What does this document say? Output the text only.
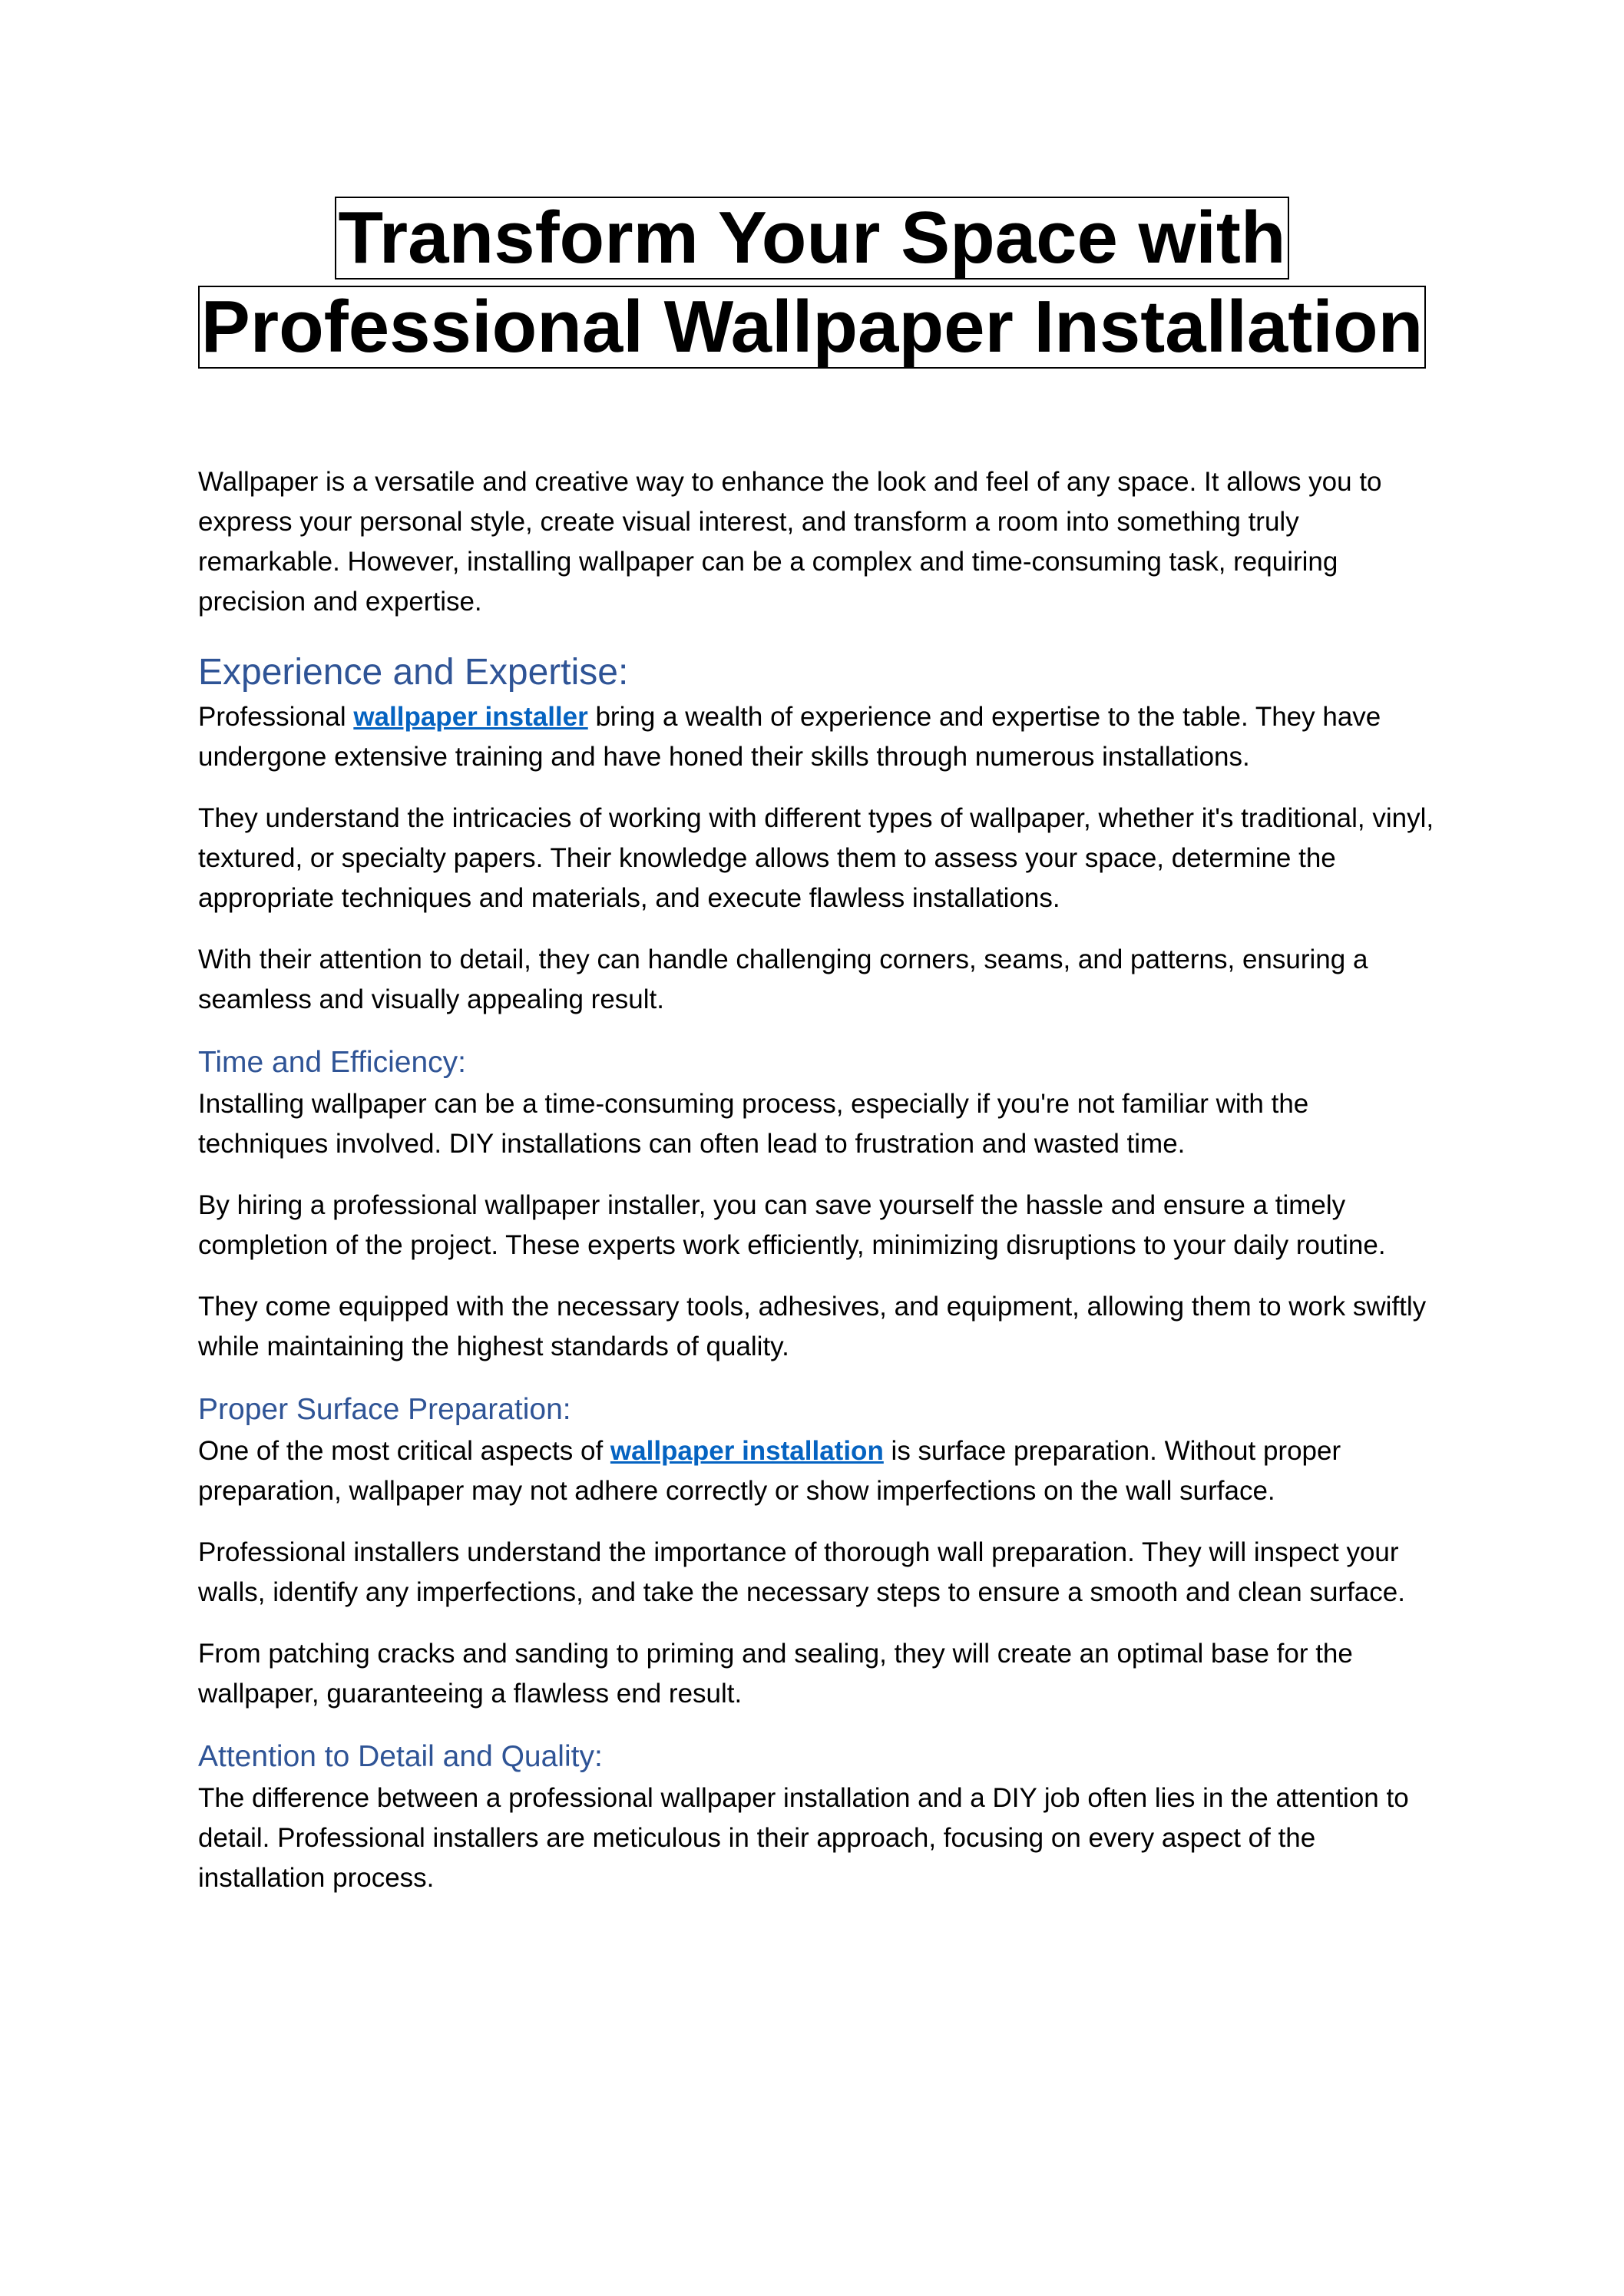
Transform Your Space with
Professional Wallpaper Installation

Wallpaper is a versatile and creative way to enhance the look and feel of any space. It allows you to express your personal style, create visual interest, and transform a room into something truly remarkable. However, installing wallpaper can be a complex and time-consuming task, requiring precision and expertise.

Experience and Expertise:

Professional wallpaper installer bring a wealth of experience and expertise to the table. They have undergone extensive training and have honed their skills through numerous installations.

They understand the intricacies of working with different types of wallpaper, whether it's traditional, vinyl, textured, or specialty papers. Their knowledge allows them to assess your space, determine the appropriate techniques and materials, and execute flawless installations.

With their attention to detail, they can handle challenging corners, seams, and patterns, ensuring a seamless and visually appealing result.

Time and Efficiency:

Installing wallpaper can be a time-consuming process, especially if you're not familiar with the techniques involved. DIY installations can often lead to frustration and wasted time.

By hiring a professional wallpaper installer, you can save yourself the hassle and ensure a timely completion of the project. These experts work efficiently, minimizing disruptions to your daily routine.

They come equipped with the necessary tools, adhesives, and equipment, allowing them to work swiftly while maintaining the highest standards of quality.

Proper Surface Preparation:

One of the most critical aspects of wallpaper installation is surface preparation. Without proper preparation, wallpaper may not adhere correctly or show imperfections on the wall surface.

Professional installers understand the importance of thorough wall preparation. They will inspect your walls, identify any imperfections, and take the necessary steps to ensure a smooth and clean surface.

From patching cracks and sanding to priming and sealing, they will create an optimal base for the wallpaper, guaranteeing a flawless end result.

Attention to Detail and Quality:

The difference between a professional wallpaper installation and a DIY job often lies in the attention to detail. Professional installers are meticulous in their approach, focusing on every aspect of the installation process.
